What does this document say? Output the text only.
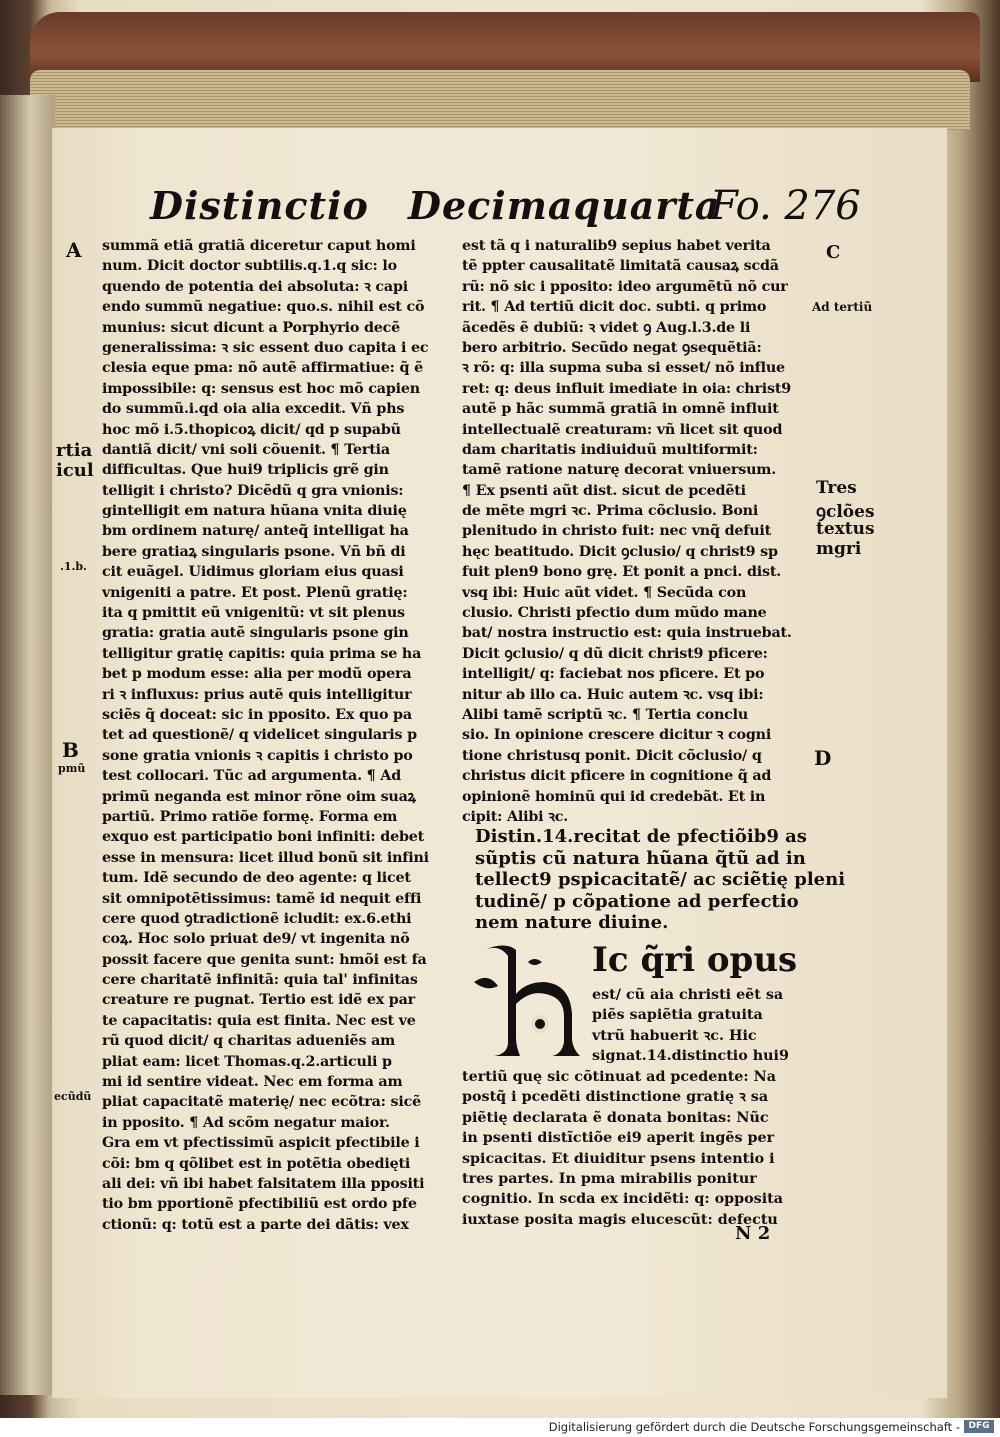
Distinctio Decimaquarta
Fo. 276
summã etiã gratiã diceretur caput homi
num. Dicit doctor subtilis.q.1.q sic: lo
quendo de potentia dei absoluta: ꝛ capi
endo summũ negatiue: quo.s. nihil est cõ
munius: sicut dicunt a Porphyrio decẽ
generalissima: ꝛ sic essent duo capita i ec
clesia eque pma: nõ autẽ affirmatiue: q̃ ẽ
impossibile: q: sensus est hoc mõ capien
do summũ.i.qd oia alia excedit. Vñ phs
hoc mõ i.5.thopicoꝝ dicit/ qd p supabũ
dantiã dicit/ vni soli cõuenit. ¶ Tertia
difficultas. Que hui9 triplicis grẽ gin
telligit i christo? Dicẽdũ q gra vnionis:
gintelligit em natura hũana vnita diuię
bm ordinem naturę/ anteq̃ intelligat ha
bere gratiaꝝ singularis psone. Vñ bñ di
cit euãgel. Uidimus gloriam eius quasi
vnigeniti a patre. Et post. Plenũ gratię:
ita q pmittit eũ vnigenitũ: vt sit plenus
gratia: gratia autẽ singularis psone gin
telligitur gratię capitis: quia prima se ha
bet p modum esse: alia per modũ opera
ri ꝛ influxus: prius autẽ quis intelligitur
sciẽs q̃ doceat: sic in pposito. Ex quo pa
tet ad questionẽ/ q videlicet singularis p
sone gratia vnionis ꝛ capitis i christo po
test collocari. Tũc ad argumenta. ¶ Ad
primũ neganda est minor rõne oim suaꝝ
partiũ. Primo ratiõe formę. Forma em
exquo est participatio boni infiniti: debet
esse in mensura: licet illud bonũ sit infini
tum. Idẽ secundo de deo agente: q licet
sit omnipotẽtissimus: tamẽ id nequit effi
cere quod ꝯtradictionẽ icludit: ex.6.ethi
coꝝ. Hoc solo priuat de9/ vt ingenita nõ
possit facere que genita sunt: hmõi est fa
cere charitatẽ infinitã: quia tal' infinitas
creature re pugnat. Tertio est idẽ ex par
te capacitatis: quia est finita. Nec est ve
rũ quod dicit/ q charitas adueniẽs am
pliat eam: licet Thomas.q.2.articuli p
mi id sentire videat. Nec em forma am
pliat capacitatẽ materię/ nec ecõtra: sicẽ
in pposito. ¶ Ad scõm negatur maior.
Gra em vt pfectissimũ aspicit pfectibile i
cõi: bm q qõlibet est in potẽtia obedięti
ali dei: vñ ibi habet falsitatem illa ppositi
tio bm pportionẽ pfectibiliũ est ordo pfe
ctionũ: q: totũ est a parte dei dãtis: vex
est tã q i naturalib9 sepius habet verita
tẽ ppter causalitatẽ limitatã causaꝝ scdã
rũ: nõ sic i pposito: ideo argumẽtũ nõ cur
rit. ¶ Ad tertiũ dicit doc. subti. q primo
ãcedẽs ẽ dubiũ: ꝛ videt ꝯ Aug.l.3.de li
bero arbitrio. Secũdo negat ꝯsequẽtiã:
ꝛ rõ: q: illa supma suba si esset/ nõ influe
ret: q: deus influit imediate in oia: christ9
autẽ p hãc summã gratiã in omnẽ influit
intellectualẽ creaturam: vñ licet sit quod
dam charitatis indiuiduũ multiformit:
tamẽ ratione naturę decorat vniuersum.
¶ Ex psenti aũt dist. sicut de pcedẽti
de mẽte mgri ꝛc. Prima cõclusio. Boni
plenitudo in christo fuit: nec vnq̃ defuit
hęc beatitudo. Dicit ꝯclusio/ q christ9 sp
fuit plen9 bono grę. Et ponit a pnci. dist.
vsq ibi: Huic aũt videt. ¶ Secũda con
clusio. Christi pfectio dum mũdo mane
bat/ nostra instructio est: quia instruebat.
Dicit ꝯclusio/ q dũ dicit christ9 pficere:
intelligit/ q: faciebat nos pficere. Et po
nitur ab illo ca. Huic autem ꝛc. vsq ibi:
Alibi tamẽ scriptũ ꝛc. ¶ Tertia conclu
sio. In opinione crescere dicitur ꝛ cogni
tione christusq ponit. Dicit cõclusio/ q
christus dicit pficere in cognitione q̃ ad
opinionẽ hominũ qui id credebãt. Et in
cipit: Alibi ꝛc.
Distin.14.recitat de pfectiõib9 as
sũptis cũ natura hũana q̃tũ ad in
tellect9 pspicacitatẽ/ ac sciẽtię pleni
tudinẽ/ p cõpatione ad perfectio
nem nature diuine.
Ic q̃ri opus
est/ cũ aia christi eẽt sa
piẽs sapiẽtia gratuita
vtrũ habuerit ꝛc. Hic
signat.14.distinctio hui9
tertiũ quę sic cõtinuat ad pcedente: Na
postq̃ i pcedẽti distinctione gratię ꝛ sa
piẽtię declarata ẽ donata bonitas: Nũc
in psenti distĩctiõe ei9 aperit ingẽs per
spicacitas. Et diuiditur psens intentio i
tres partes. In pma mirabilis ponitur
cognitio. In scda ex incidẽti: q: opposita
iuxtase posita magis elucescũt: defectu
N 2
A
B
C
D
Ad tertiũ
Tres
ꝯclões
textus
mgri
rtia
icul
.1.b.
pmũ
ecũdũ
Digitalisierung gefördert durch die Deutsche Forschungsgemeinschaft - DFG
